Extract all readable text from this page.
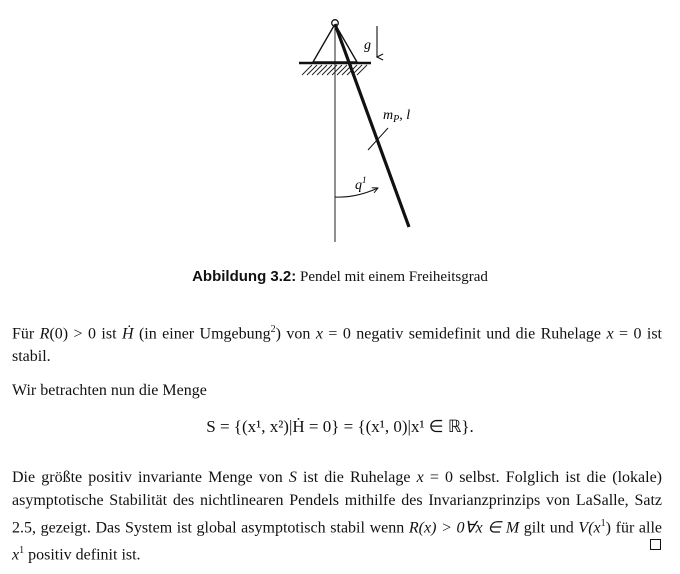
g
$m_P$, l
$q^1$
Abbildung 3.2: Pendel mit einem Freiheitsgrad
Für R(0) > 0 ist Ḣ (in einer Umgebung$^2$) von x = 0 negativ semidefinit und die Ruhelage x = 0 ist stabil.
Wir betrachten nun die Menge
S = {(x¹, x²)|Ḣ = 0} = {(x¹, 0)|x¹ ∈ ℝ}.
Die größte positiv invariante Menge von S ist die Ruhelage x = 0 selbst. Folglich ist die (lokale) asymptotische Stabilität des nichtlinearen Pendels mithilfe des Invarianzprinzips von LaSalle, Satz 2.5, gezeigt. Das System ist global asymptotisch stabil wenn R(x) > 0∀x ∈ M gilt und $V(x^1)$ für alle $x^1$ positiv definit ist.
